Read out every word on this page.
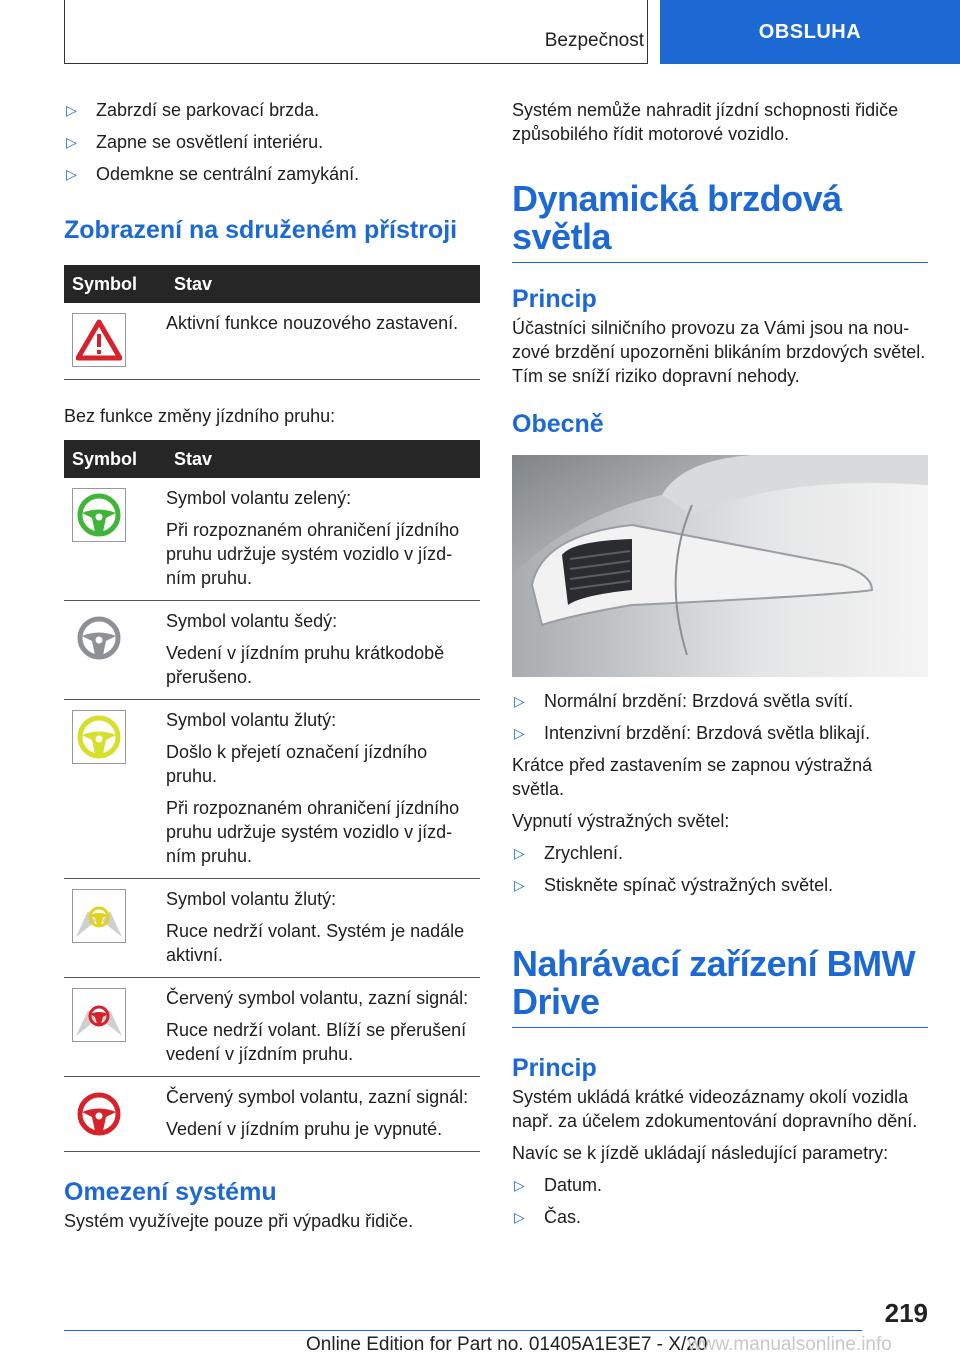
Bezpečnost	OBSLUHA
▷	Zabrzdí se parkovací brzda.
▷	Zapne se osvětlení interiéru.
▷	Odemkne se centrální zamykání.
Zobrazení na sdruženém přístroji
Symbol	Stav

Aktivní funkce nouzového zastavení.

Bez funkce změny jízdního pruhu:

Symbol	Stav

Symbol volantu zelený:
Při rozpoznaném ohraničení jízdního pruhu udržuje systém vozidlo v jízdním pruhu.

Symbol volantu šedý:
Vedení v jízdním pruhu krátkodobě přerušeno.

Symbol volantu žlutý:
Došlo k přejetí označení jízdního pruhu.
Při rozpoznaném ohraničení jízdního pruhu udržuje systém vozidlo v jízdním pruhu.

Symbol volantu žlutý:
Ruce nedrží volant. Systém je nadále aktivní.

Červený symbol volantu, zazní signál:
Ruce nedrží volant. Blíží se přerušení vedení v jízdním pruhu.

Červený symbol volantu, zazní signál:
Vedení v jízdním pruhu je vypnuté.
Omezení systému

Systém využívejte pouze při výpadku řidiče.

Systém nemůže nahradit jízdní schopnosti řidiče způsobilého řídit motorové vozidlo.

Dynamická brzdová světla
Princip

Účastníci silničního provozu za Vámi jsou na nouzové brzdění upozorněni blikáním brzdových světel. Tím se sníží riziko dopravní nehody.

Obecně
▷	Normální brzdění: Brzdová světla svítí.
▷	Intenzivní brzdění: Brzdová světla blikají.

Krátce před zastavením se zapnou výstražná světla.

Vypnutí výstražných světel:

▷	Zrychlení.
▷	Stiskněte spínač výstražných světel.
Nahrávací zařízení BMW Drive
Princip

Systém ukládá krátké videozáznamy okolí vozidla např. za účelem zdokumentování dopravního dění.

Navíc se k jízdě ukládají následující parametry:

▷	Datum.
▷	Čas.
219
Online Edition for Part no. 01405A1E3E7 - X/20
www.manualsonline.info
